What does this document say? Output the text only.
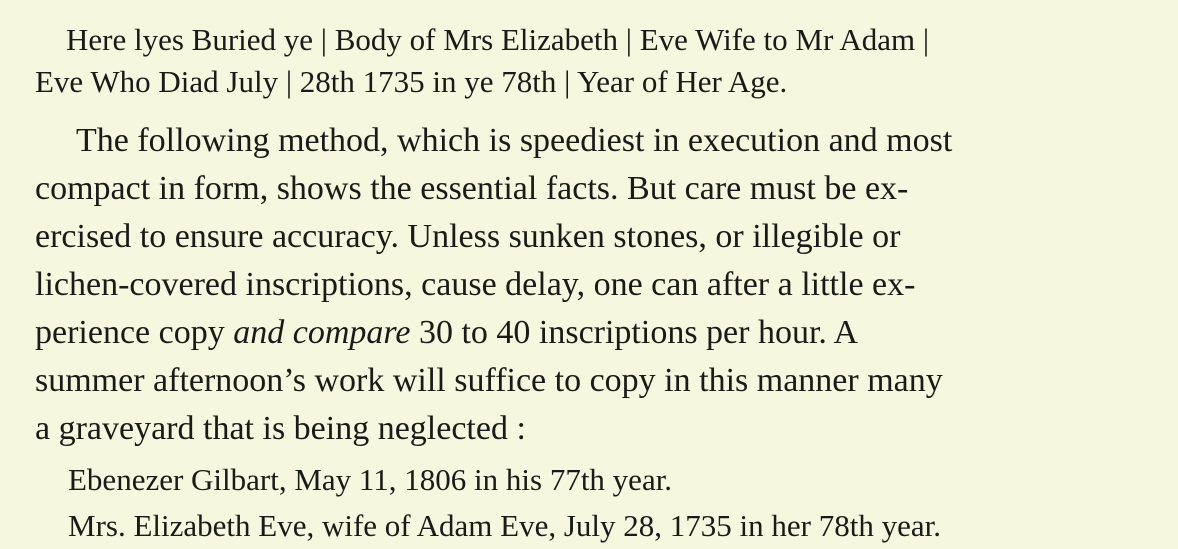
Here lyes Buried ye | Body of Mrs Elizabeth | Eve Wife to Mr Adam |
Eve Who Diad July | 28th 1735 in ye 78th | Year of Her Age.
The following method, which is speediest in execution and most
compact in form, shows the essential facts. But care must be ex-
ercised to ensure accuracy. Unless sunken stones, or illegible or
lichen-covered inscriptions, cause delay, one can after a little ex-
perience copy and compare 30 to 40 inscriptions per hour. A
summer afternoon’s work will suffice to copy in this manner many
a graveyard that is being neglected :
Ebenezer Gilbart, May 11, 1806 in his 77th year.
Mrs. Elizabeth Eve, wife of Adam Eve, July 28, 1735 in her 78th year.
